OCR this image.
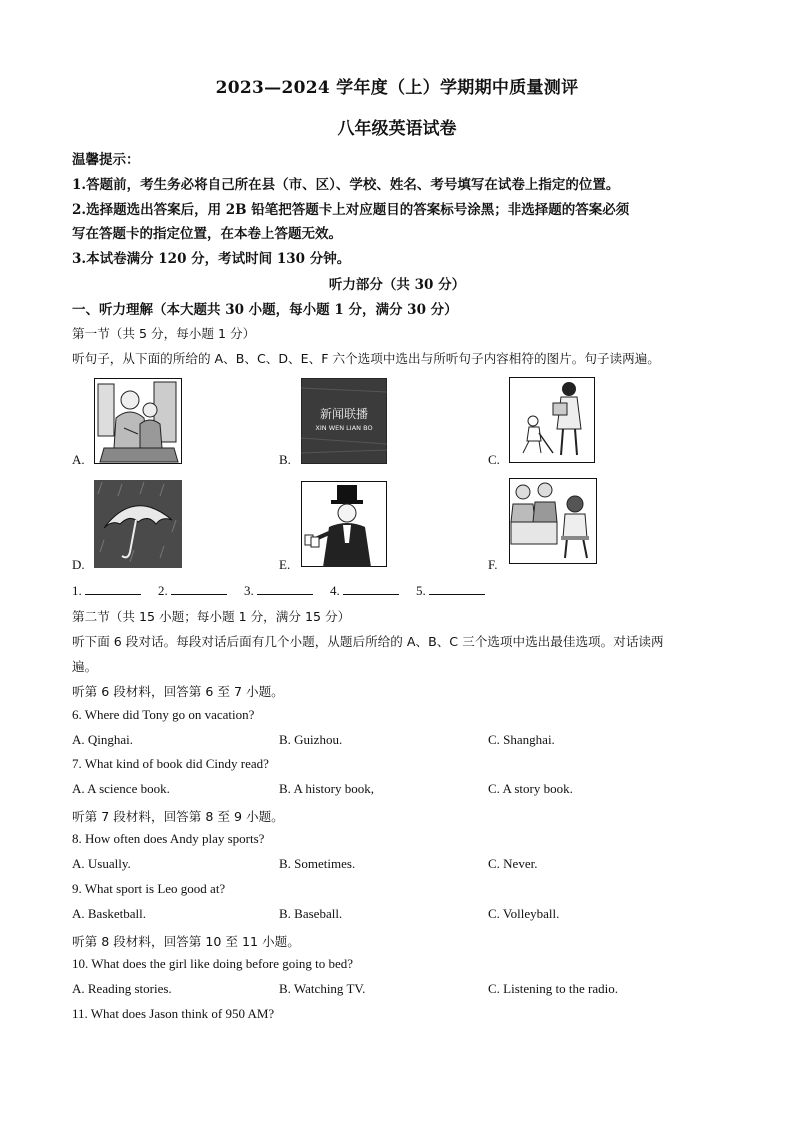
2023—2024 学年度（上）学期期中质量测评
八年级英语试卷
温馨提示：
1.答题前，考生务必将自己所在县（市、区）、学校、姓名、考号填写在试卷上指定的位置。
2.选择题选出答案后，用 2B 铅笔把答题卡上对应题目的答案标号涂黑；非选择题的答案必须
写在答题卡的指定位置，在本卷上答题无效。
3.本试卷满分 120 分，考试时间 130 分钟。
听力部分（共 30 分）
一、听力理解（本大题共 30 小题，每小题 1 分，满分 30 分）
第一节（共 5 分，每小题 1 分）
听句子，从下面的所给的 A、B、C、D、E、F 六个选项中选出与所听句子内容相符的图片。句子读两遍。
A.	B.
新闻联播
XIN WEN LIAN BO
C.
D.	E.	F.
1.	2.	3.	4.	5.
第二节（共 15 小题；每小题 1 分，满分 15 分）
听下面 6 段对话。每段对话后面有几个小题，从题后所给的 A、B、C 三个选项中选出最佳选项。对话读两
遍。
听第 6 段材料，回答第 6 至 7 小题。
6. Where did Tony go on vacation?
A. Qinghai.	B. Guizhou.	C. Shanghai.
7. What kind of book did Cindy read?
A. A science book.	B. A history book,	C. A story book.
听第 7 段材料，回答第 8 至 9 小题。
8. How often does Andy play sports?
A. Usually.	B. Sometimes.	C. Never.
9. What sport is Leo good at?
A. Basketball.	B. Baseball.	C. Volleyball.
听第 8 段材料，回答第 10 至 11 小题。
10. What does the girl like doing before going to bed?
A. Reading stories.	B. Watching TV.	C. Listening to the radio.
11. What does Jason think of 950 AM?
